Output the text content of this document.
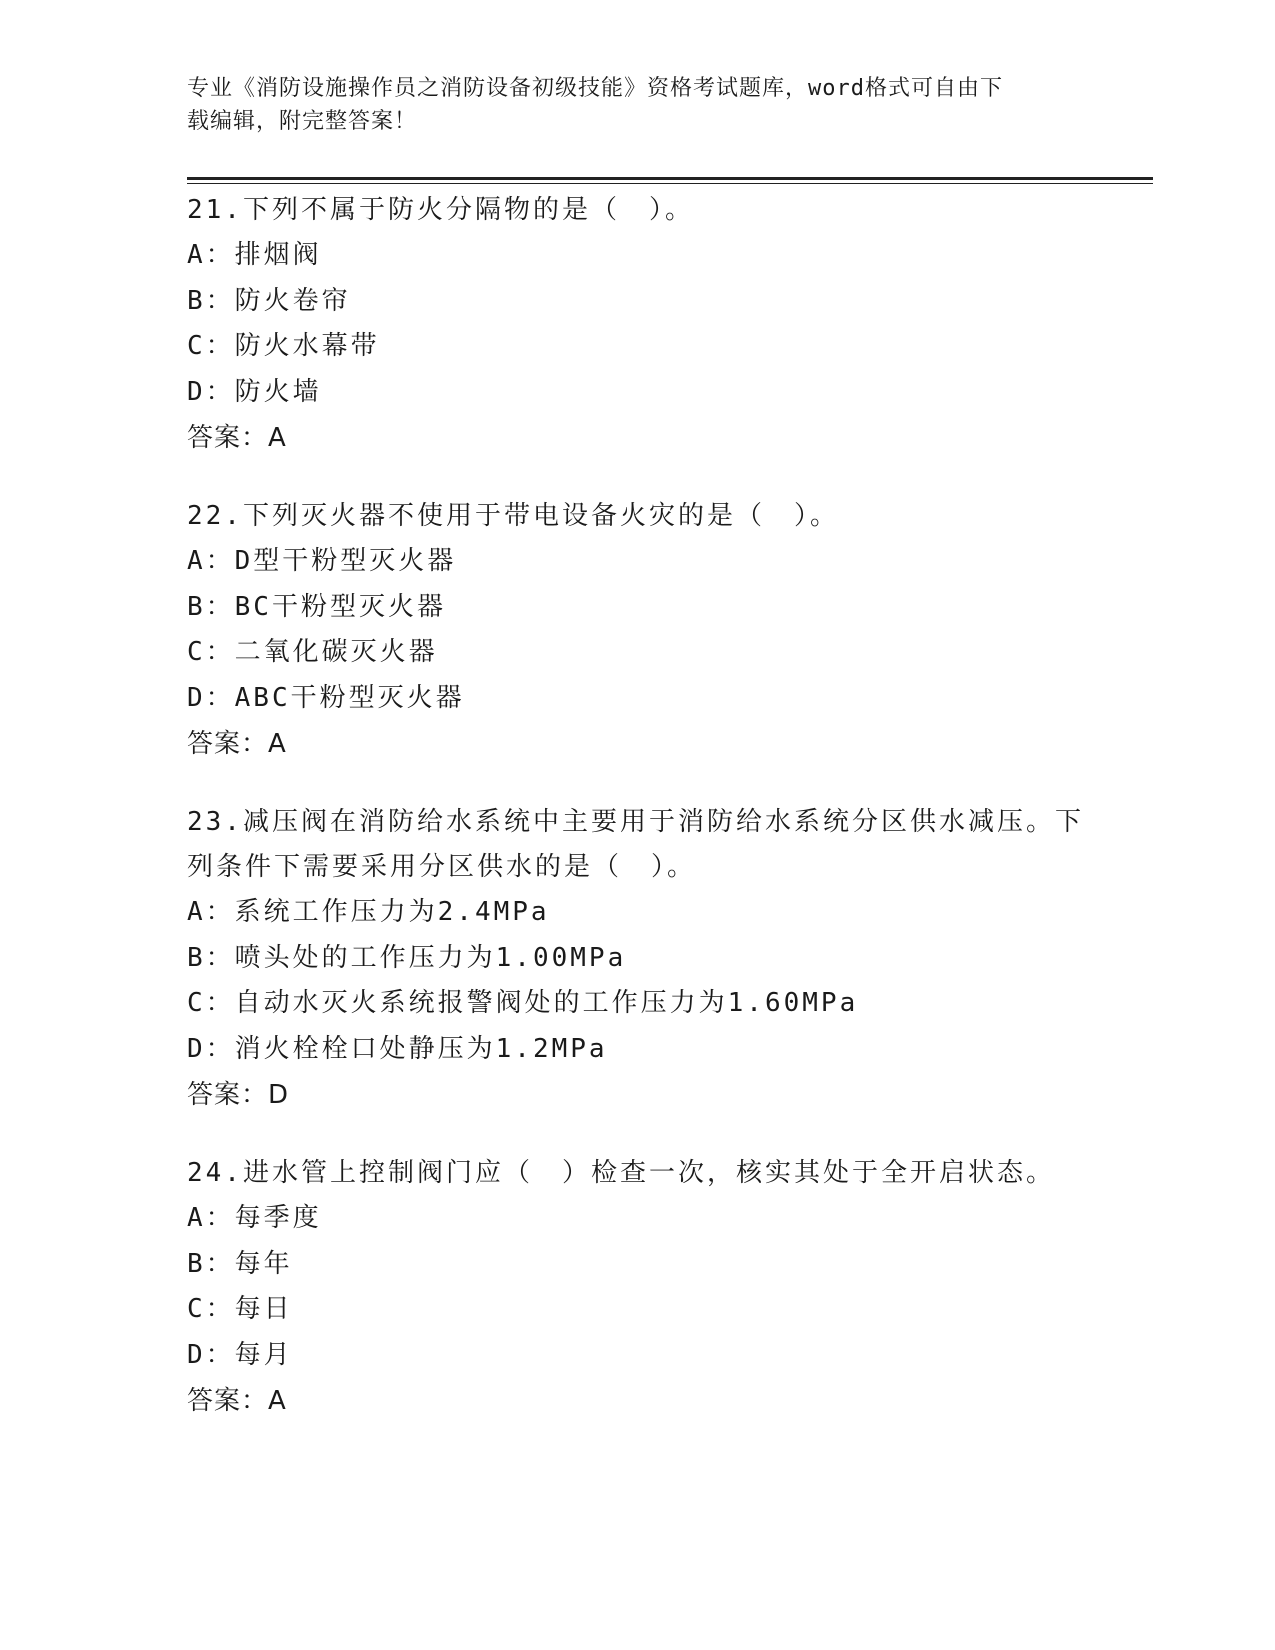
专业《消防设施操作员之消防设备初级技能》资格考试题库，word格式可自由下
载编辑，附完整答案！
21.下列不属于防火分隔物的是（　）。
A：排烟阀
B：防火卷帘
C：防火水幕带
D：防火墙
答案：A
22.下列灭火器不使用于带电设备火灾的是（　）。
A：D型干粉型灭火器
B：BC干粉型灭火器
C：二氧化碳灭火器
D：ABC干粉型灭火器
答案：A
23.减压阀在消防给水系统中主要用于消防给水系统分区供水减压。下
列条件下需要采用分区供水的是（　）。
A：系统工作压力为2.4MPa
B：喷头处的工作压力为1.00MPa
C：自动水灭火系统报警阀处的工作压力为1.60MPa
D：消火栓栓口处静压为1.2MPa
答案：D
24.进水管上控制阀门应（　）检查一次，核实其处于全开启状态。
A：每季度
B：每年
C：每日
D：每月
答案：A
